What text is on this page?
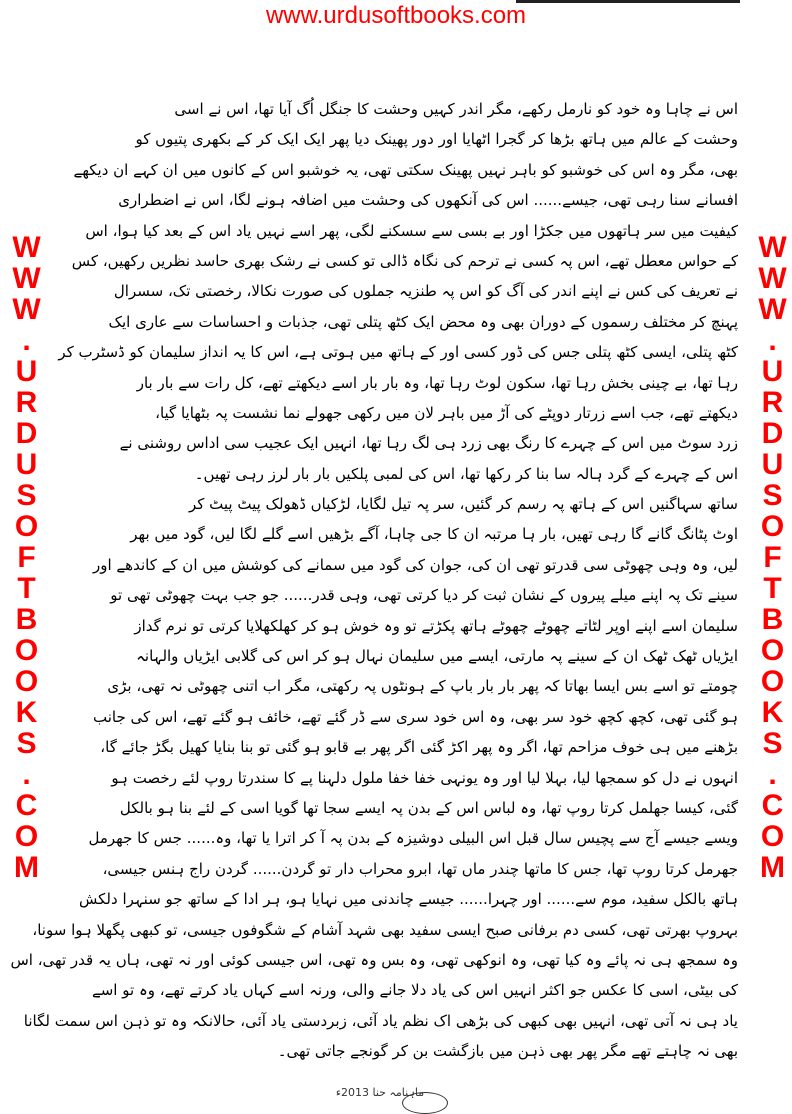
www.urdusoftbooks.com
WWW.URDUSOFTBOOKS.COM	WWW.URDUSOFTBOOKS.COM
اس نے چاہا وہ خود کو نارمل رکھے، مگر اندر کہیں وحشت کا جنگل اُگ آیا تھا، اس نے اسی
وحشت کے عالم میں ہاتھ بڑھا کر گجرا اٹھایا اور دور پھینک دیا پھر ایک ایک کر کے بکھری پتیوں کو
بھی، مگر وہ اس کی خوشبو کو باہر نہیں پھینک سکتی تھی، یہ خوشبو اس کے کانوں میں ان کہے ان دیکھے
افسانے سنا رہی تھی، جیسے...... اس کی آنکھوں کی وحشت میں اضافہ ہونے لگا، اس نے اضطراری
کیفیت میں سر ہاتھوں میں جکڑا اور بے بسی سے سسکنے لگی، پھر اسے نہیں یاد اس کے بعد کیا ہوا، اس
کے حواس معطل تھے، اس پہ کسی نے ترحم کی نگاہ ڈالی تو کسی نے رشک بھری حاسد نظریں رکھیں، کس
نے تعریف کی کس نے اپنے اندر کی آگ کو اس پہ طنزیہ جملوں کی صورت نکالا، رخصتی تک، سسرال
پہنچ کر مختلف رسموں کے دوران بھی وہ محض ایک کٹھ پتلی تھی، جذبات و احساسات سے عاری ایک
کٹھ پتلی، ایسی کٹھ پتلی جس کی ڈور کسی اور کے ہاتھ میں ہوتی ہے، اس کا یہ انداز سلیمان کو ڈسٹرب کر
رہا تھا، بے چینی بخش رہا تھا، سکون لوٹ رہا تھا، وہ بار بار اسے دیکھتے تھے، کل رات سے بار بار
دیکھتے تھے، جب اسے زرتار دوپٹے کی آڑ میں باہر لان میں رکھی جھولے نما نشست پہ بٹھایا گیا،
زرد سوٹ میں اس کے چہرے کا رنگ بھی زرد ہی لگ رہا تھا، انہیں ایک عجیب سی اداس روشنی نے
اس کے چہرے کے گرد ہالہ سا بنا کر رکھا تھا، اس کی لمبی پلکیں بار بار لرز رہی تھیں۔
ساتھ سہاگنیں اس کے ہاتھ پہ رسم کر گئیں، سر پہ تیل لگایا، لڑکیاں ڈھولک پیٹ پیٹ کر
اوٹ پٹانگ گانے گا رہی تھیں، بار ہا مرتبہ ان کا جی چاہا، آگے بڑھیں اسے گلے لگا لیں، گود میں بھر
لیں، وہ وہی چھوٹی سی قدرتو تھی ان کی، جوان کی گود میں سمانے کی کوشش میں ان کے کاندھے اور
سینے تک پہ اپنے میلے پیروں کے نشان ثبت کر دیا کرتی تھی، وہی قدر...... جو جب بہت چھوٹی تھی تو
سلیمان اسے اپنے اوپر لٹاتے چھوٹے چھوٹے ہاتھ پکڑتے تو وہ خوش ہو کر کھلکھلایا کرتی تو نرم گداز
ایڑیاں ٹھک ٹھک ان کے سینے پہ مارتی، ایسے میں سلیمان نہال ہو کر اس کی گلابی ایڑیاں والہانہ
چومتے تو اسے بس ایسا بھاتا کہ پھر بار بار باپ کے ہونٹوں پہ رکھتی، مگر اب اتنی چھوٹی نہ تھی، بڑی
ہو گئی تھی، کچھ کچھ خود سر بھی، وہ اس خود سری سے ڈر گئے تھے، خائف ہو گئے تھے، اس کی جانب
بڑھنے میں ہی خوف مزاحم تھا، اگر وہ پھر اکڑ گئی اگر پھر بے قابو ہو گئی تو بنا بنایا کھیل بگڑ جائے گا،
انہوں نے دل کو سمجھا لیا، بہلا لیا اور وہ یونہی خفا خفا ملول دلہنا پے کا سندرتا روپ لئے رخصت ہو
گئی، کیسا جھلمل کرتا روپ تھا، وہ لباس اس کے بدن پہ ایسے سجا تھا گویا اسی کے لئے بنا ہو بالکل
ویسے جیسے آج سے پچیس سال قبل اس البیلی دوشیزہ کے بدن پہ آ کر اترا یا تھا، وہ...... جس کا جھرمل
جھرمل کرتا روپ تھا، جس کا ماتھا چندر ماں تھا، ابرو محراب دار تو گردن...... گردن راج ہنس جیسی،
ہاتھ بالکل سفید، موم سے...... اور چہرا...... جیسے چاندنی میں نہایا ہو، ہر ادا کے ساتھ جو سنہرا دلکش
بہروپ بھرتی تھی، کسی دم برفانی صبح ایسی سفید بھی شہد آشام کے شگوفوں جیسی، تو کبھی پگھلا ہوا سونا،
وہ سمجھ ہی نہ پائے وہ کیا تھی، وہ انوکھی تھی، وہ بس وہ تھی، اس جیسی کوئی اور نہ تھی، ہاں یہ قدر تھی، اس
کی بیٹی، اسی کا عکس جو اکثر انہیں اس کی یاد دلا جانے والی، ورنہ اسے کہاں یاد کرتے تھے، وہ تو اسے
یاد ہی نہ آتی تھی، انہیں بھی کبھی کی بڑھی اک نظم یاد آئی، زبردستی یاد آئی، حالانکہ وہ تو ذہن اس سمت لگانا
بھی نہ چاہتے تھے مگر پھر بھی ذہن میں بازگشت بن کر گونجے جاتی تھی۔
ماہنامہ حنا 2013ء
